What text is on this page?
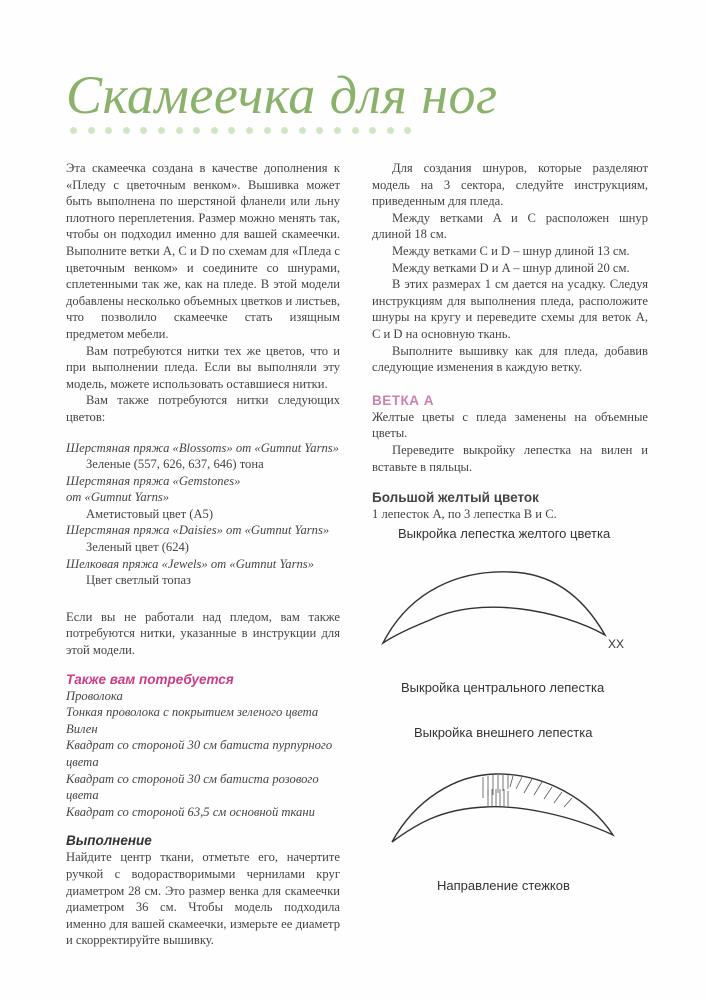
Скамеечка для ног

Эта скамеечка создана в качестве дополнения к «Пледу с цветочным венком». Вышивка может быть выполнена по шерстяной фланели или льну плотного переплетения. Размер можно менять так, чтобы он подходил именно для вашей скамеечки. Выполните ветки A, C и D по схемам для «Пледа с цветочным венком» и соедините со шнурами, сплетенными так же, как на пледе. В этой модели добавлены несколько объемных цветков и листьев, что позволило скамеечке стать изящным предметом мебели.

Вам потребуются нитки тех же цветов, что и при выполнении пледа. Если вы выполняли эту модель, можете использовать оставшиеся нитки.

Вам также потребуются нитки следующих цветов:

Шерстяная пряжа «Blossoms» от «Gumnut Yarns»

Зеленые (557, 626, 637, 646) тона

Шерстяная пряжа «Gemstones»

от «Gumnut Yarns»

Аметистовый цвет (A5)

Шерстяная пряжа «Daisies» от «Gumnut Yarns»

Зеленый цвет (624)

Шелковая пряжа «Jewels» от «Gumnut Yarns»

Цвет светлый топаз

Если вы не работали над пледом, вам также потребуются нитки, указанные в инструкции для этой модели.

Также вам потребуется

Проволока

Тонкая проволока с покрытием зеленого цвета

Вилен

Квадрат со стороной 30 см батиста пурпурного цвета

Квадрат со стороной 30 см батиста розового цвета

Квадрат со стороной 63,5 см основной ткани

Выполнение

Найдите центр ткани, отметьте его, начертите ручкой с водорастворимыми чернилами круг диаметром 28 см. Это размер венка для скамеечки диаметром 36 см. Чтобы модель подходила именно для вашей скамеечки, измерьте ее диаметр и скорректируйте вышивку.

Для создания шнуров, которые разделяют модель на 3 сектора, следуйте инструкциям, приведенным для пледа.

Между ветками A и C расположен шнур длиной 18 см.

Между ветками C и D – шнур длиной 13 см.

Между ветками D и A – шнур длиной 20 см.

В этих размерах 1 см дается на усадку. Следуя инструкциям для выполнения пледа, расположите шнуры на кругу и переведите схемы для веток A, C и D на основную ткань.

Выполните вышивку как для пледа, добавив следующие изменения в каждую ветку.

ВЕТКА А

Желтые цветы с пледа заменены на объемные цветы.

Переведите выкройку лепестка на вилен и вставьте в пяльцы.

Большой желтый цветок

1 лепесток А, по 3 лепестка В и С.

Выкройка лепестка желтого цветка
XX
Выкройка центрального лепестка
Выкройка внешнего лепестка
Направление стежков
